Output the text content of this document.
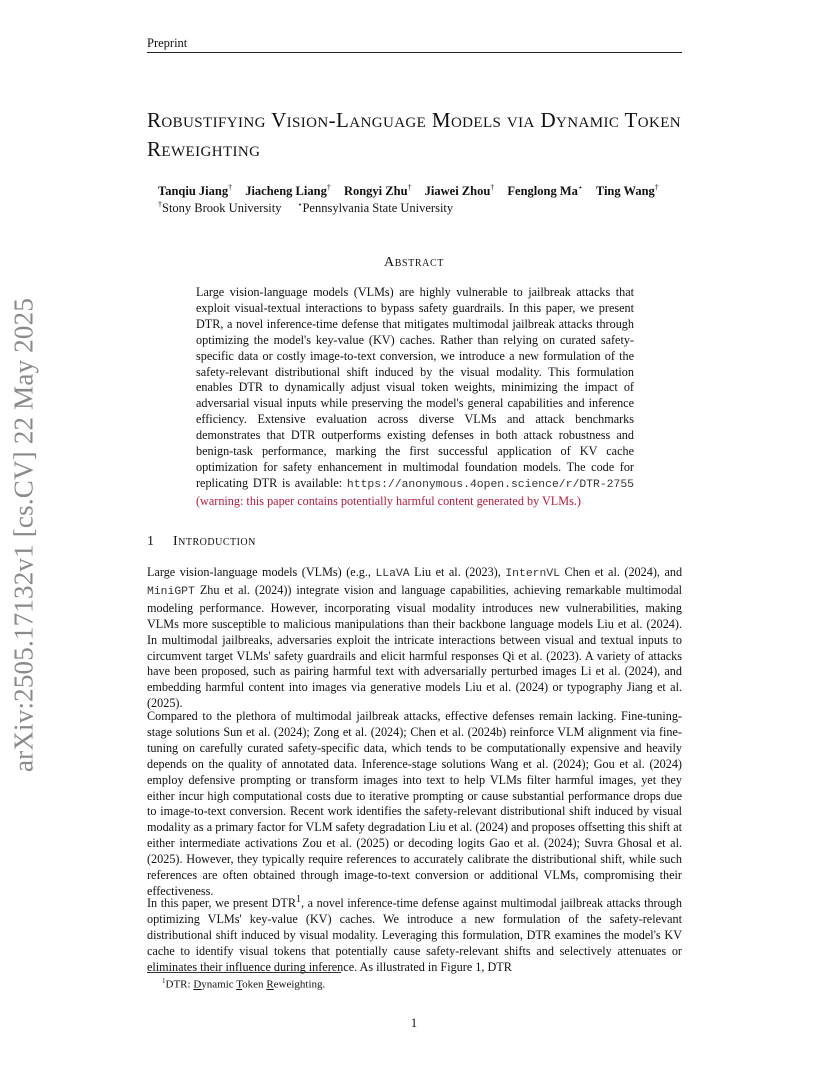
Preprint
Robustifying Vision-Language Models via Dynamic Token Reweighting
Tanqiu Jiang† Jiacheng Liang† Rongyi Zhu† Jiawei Zhou† Fenglong Ma⋆ Ting Wang†
†Stony Brook University ⋆Pennsylvania State University
arXiv:2505.17132v1 [cs.CV] 22 May 2025
Abstract
Large vision-language models (VLMs) are highly vulnerable to jailbreak attacks that exploit visual-textual interactions to bypass safety guardrails. In this paper, we present DTR, a novel inference-time defense that mitigates multimodal jailbreak attacks through optimizing the model's key-value (KV) caches. Rather than relying on curated safety-specific data or costly image-to-text conversion, we introduce a new formulation of the safety-relevant distributional shift induced by the visual modality. This formulation enables DTR to dynamically adjust visual token weights, minimizing the impact of adversarial visual inputs while preserving the model's general capabilities and inference efficiency. Extensive evaluation across diverse VLMs and attack benchmarks demonstrates that DTR outperforms existing defenses in both attack robustness and benign-task performance, marking the first successful application of KV cache optimization for safety enhancement in multimodal foundation models. The code for replicating DTR is available: https://anonymous.4open.science/r/DTR-2755 (warning: this paper contains potentially harmful content generated by VLMs.)
1 Introduction
Large vision-language models (VLMs) (e.g., LLaVA Liu et al. (2023), InternVL Chen et al. (2024), and MiniGPT Zhu et al. (2024)) integrate vision and language capabilities, achieving remarkable multimodal modeling performance. However, incorporating visual modality introduces new vulnerabilities, making VLMs more susceptible to malicious manipulations than their backbone language models Liu et al. (2024). In multimodal jailbreaks, adversaries exploit the intricate interactions between visual and textual inputs to circumvent target VLMs' safety guardrails and elicit harmful responses Qi et al. (2023). A variety of attacks have been proposed, such as pairing harmful text with adversarially perturbed images Li et al. (2024), and embedding harmful content into images via generative models Liu et al. (2024) or typography Jiang et al. (2025).
Compared to the plethora of multimodal jailbreak attacks, effective defenses remain lacking. Fine-tuning-stage solutions Sun et al. (2024); Zong et al. (2024); Chen et al. (2024b) reinforce VLM alignment via fine-tuning on carefully curated safety-specific data, which tends to be computationally expensive and heavily depends on the quality of annotated data. Inference-stage solutions Wang et al. (2024); Gou et al. (2024) employ defensive prompting or transform images into text to help VLMs filter harmful images, yet they either incur high computational costs due to iterative prompting or cause substantial performance drops due to image-to-text conversion. Recent work identifies the safety-relevant distributional shift induced by visual modality as a primary factor for VLM safety degradation Liu et al. (2024) and proposes offsetting this shift at either intermediate activations Zou et al. (2025) or decoding logits Gao et al. (2024); Suvra Ghosal et al. (2025). However, they typically require references to accurately calibrate the distributional shift, while such references are often obtained through image-to-text conversion or additional VLMs, compromising their effectiveness.
In this paper, we present DTR$^1$, a novel inference-time defense against multimodal jailbreak attacks through optimizing VLMs' key-value (KV) caches. We introduce a new formulation of the safety-relevant distributional shift induced by visual modality. Leveraging this formulation, DTR examines the model's KV cache to identify visual tokens that potentially cause safety-relevant shifts and selectively attenuates or eliminates their influence during inference. As illustrated in Figure 1, DTR
$^1$DTR: Dynamic Token Reweighting.
1
